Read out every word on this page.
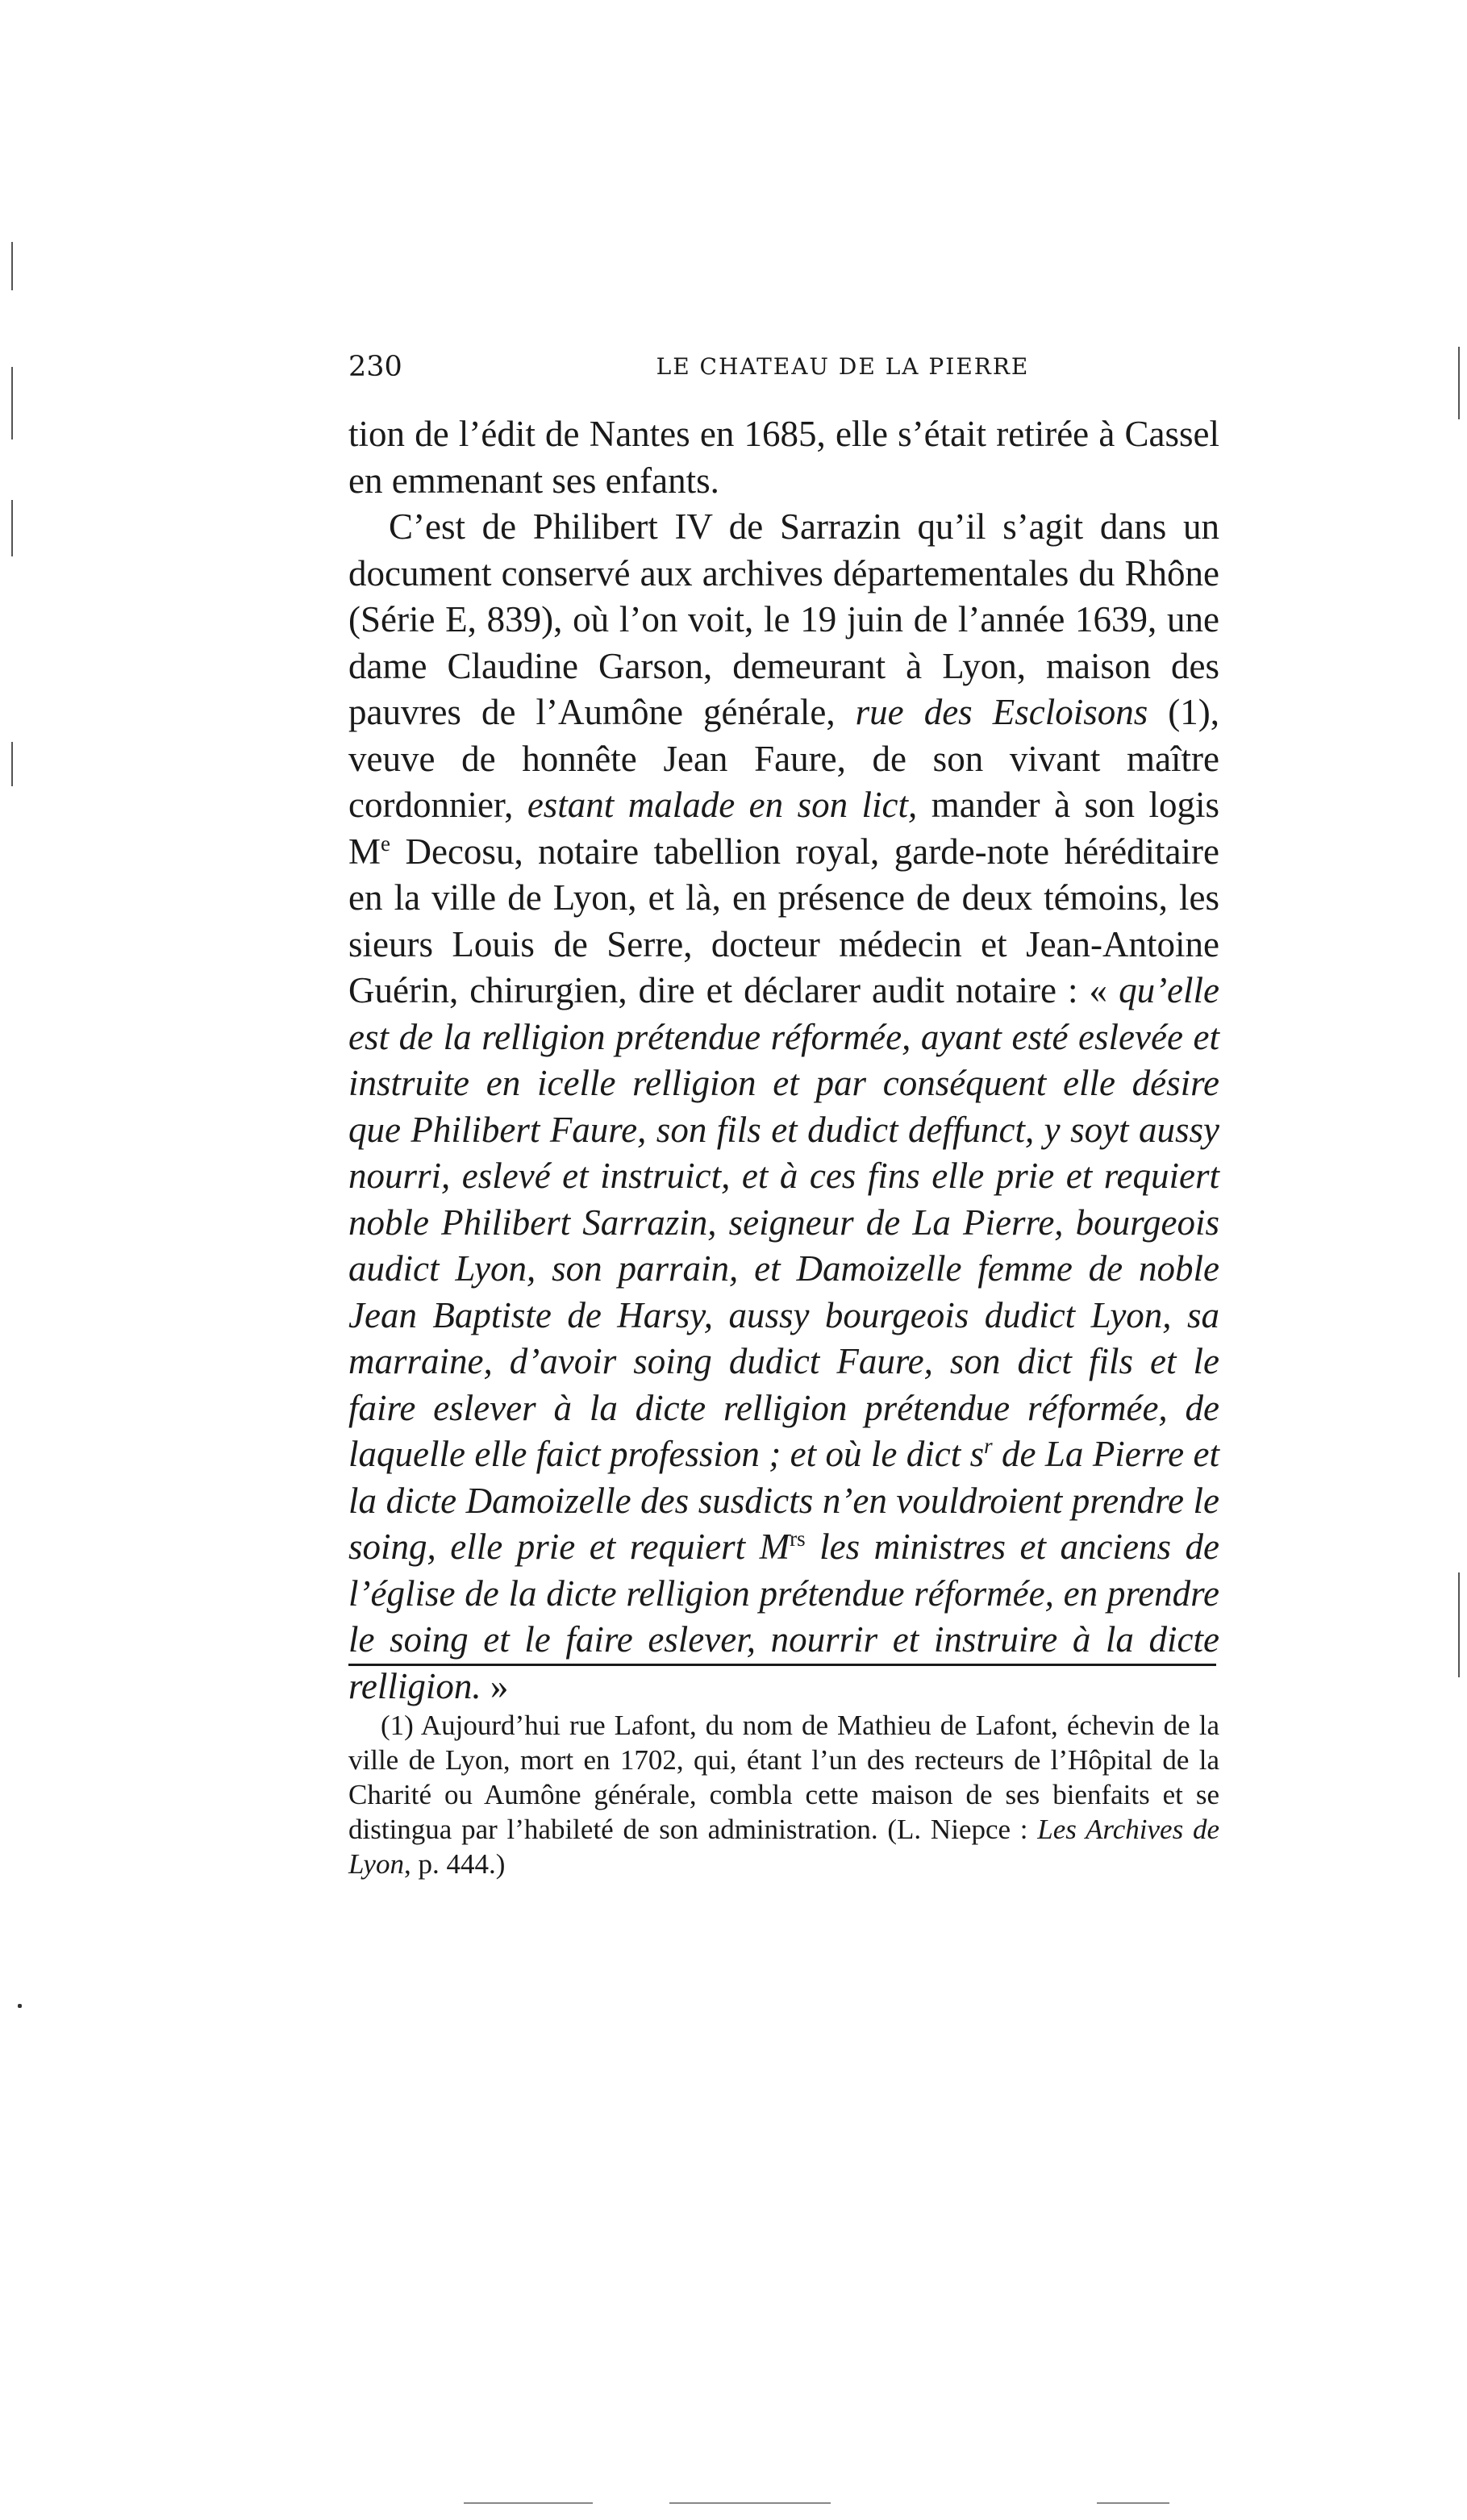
230	LE CHATEAU DE LA PIERRE

tion de l’édit de Nantes en 1685, elle s’était retirée à Cassel en emmenant ses enfants.

C’est de Philibert IV de Sarrazin qu’il s’agit dans un document conservé aux archives départementales du Rhône (Série E, 839), où l’on voit, le 19 juin de l’année 1639, une dame Claudine Garson, demeurant à Lyon, maison des pauvres de l’Aumône générale, rue des Escloisons (1), veuve de honnête Jean Faure, de son vivant maître cordonnier, estant malade en son lict, mander à son logis Me Decosu, notaire tabellion royal, garde-note héréditaire en la ville de Lyon, et là, en présence de deux témoins, les sieurs Louis de Serre, docteur médecin et Jean-Antoine Guérin, chirurgien, dire et déclarer audit notaire : « qu’elle est de la relligion prétendue réformée, ayant esté eslevée et instruite en icelle relligion et par conséquent elle désire que Philibert Faure, son fils et dudict deffunct, y soyt aussy nourri, eslevé et instruict, et à ces fins elle prie et requiert noble Philibert Sarrazin, seigneur de La Pierre, bourgeois audict Lyon, son parrain, et Damoizelle femme de noble Jean Baptiste de Harsy, aussy bourgeois dudict Lyon, sa marraine, d’avoir soing dudict Faure, son dict fils et le faire eslever à la dicte relligion prétendue réformée, de laquelle elle faict profession ; et où le dict $s^r$ de La Pierre et la dicte Damoizelle des susdicts n’en vouldroient prendre le soing, elle prie et requiert $M^{rs}$ les ministres et anciens de l’église de la dicte relligion prétendue réformée, en prendre le soing et le faire eslever, nourrir et instruire à la dicte relligion. »

(1) Aujourd’hui rue Lafont, du nom de Mathieu de Lafont, échevin de la ville de Lyon, mort en 1702, qui, étant l’un des recteurs de l’Hôpital de la Charité ou Aumône générale, combla cette maison de ses bienfaits et se distingua par l’habileté de son administration. (L. Niepce : Les Archives de Lyon, p. 444.)
